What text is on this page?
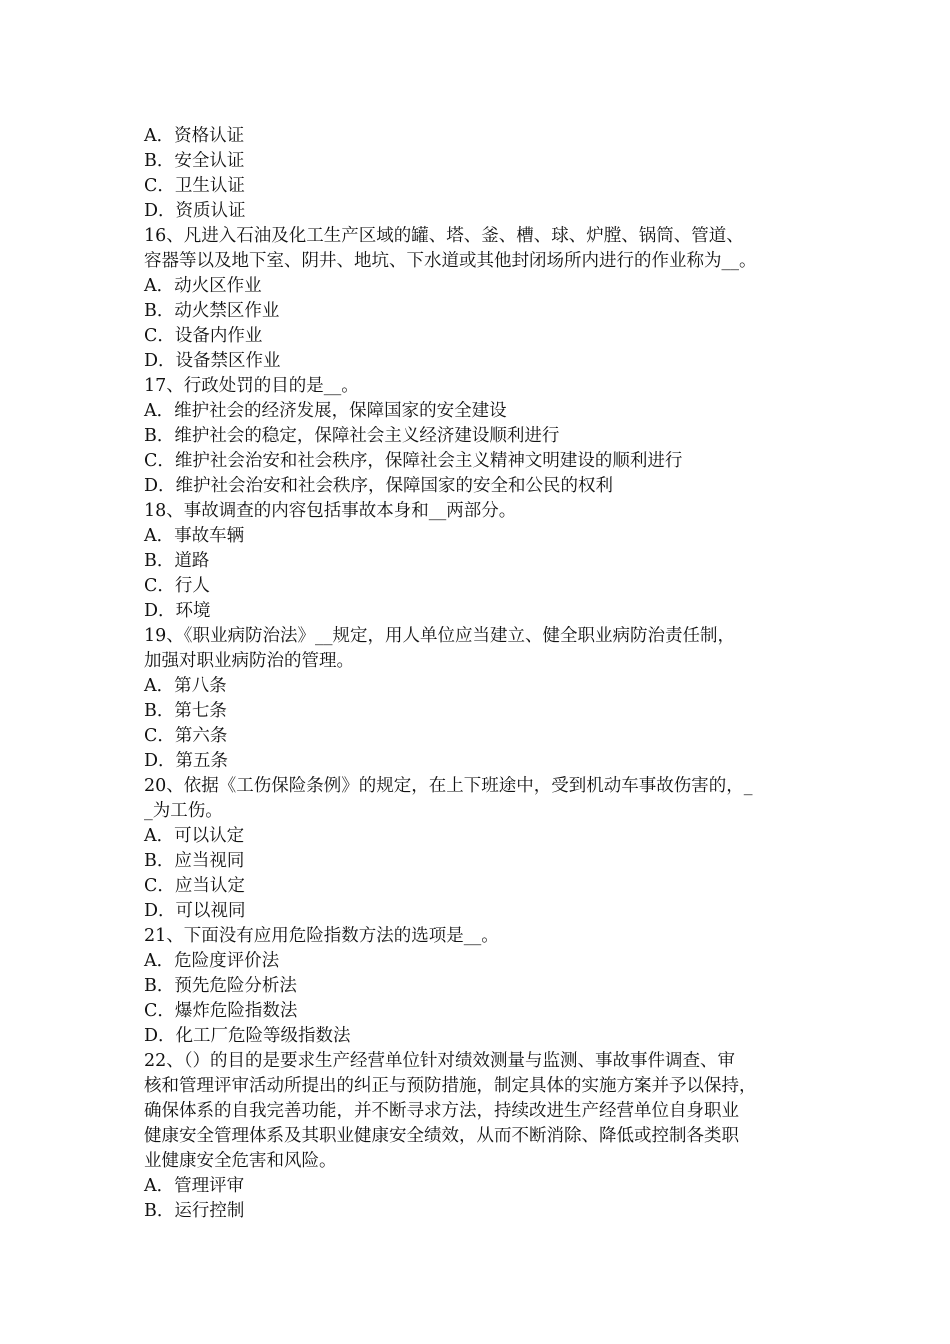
A．资格认证
B．安全认证
C．卫生认证
D．资质认证
16、凡进入石油及化工生产区域的罐、塔、釜、槽、球、炉膛、锅筒、管道、
容器等以及地下室、阴井、地坑、下水道或其他封闭场所内进行的作业称为__。
A．动火区作业
B．动火禁区作业
C．设备内作业
D．设备禁区作业
17、行政处罚的目的是__。
A．维护社会的经济发展，保障国家的安全建设
B．维护社会的稳定，保障社会主义经济建设顺利进行
C．维护社会治安和社会秩序，保障社会主义精神文明建设的顺利进行
D．维护社会治安和社会秩序，保障国家的安全和公民的权利
18、事故调查的内容包括事故本身和__两部分。
A．事故车辆
B．道路
C．行人
D．环境
19、《职业病防治法》__规定，用人单位应当建立、健全职业病防治责任制，
加强对职业病防治的管理。
A．第八条
B．第七条
C．第六条
D．第五条
20、依据《工伤保险条例》的规定，在上下班途中，受到机动车事故伤害的，_
_为工伤。
A．可以认定
B．应当视同
C．应当认定
D．可以视同
21、下面没有应用危险指数方法的选项是__。
A．危险度评价法
B．预先危险分析法
C．爆炸危险指数法
D．化工厂危险等级指数法
22、（）的目的是要求生产经营单位针对绩效测量与监测、事故事件调查、审
核和管理评审活动所提出的纠正与预防措施，制定具体的实施方案并予以保持，
确保体系的自我完善功能，并不断寻求方法，持续改进生产经营单位自身职业
健康安全管理体系及其职业健康安全绩效，从而不断消除、降低或控制各类职
业健康安全危害和风险。
A．管理评审
B．运行控制
